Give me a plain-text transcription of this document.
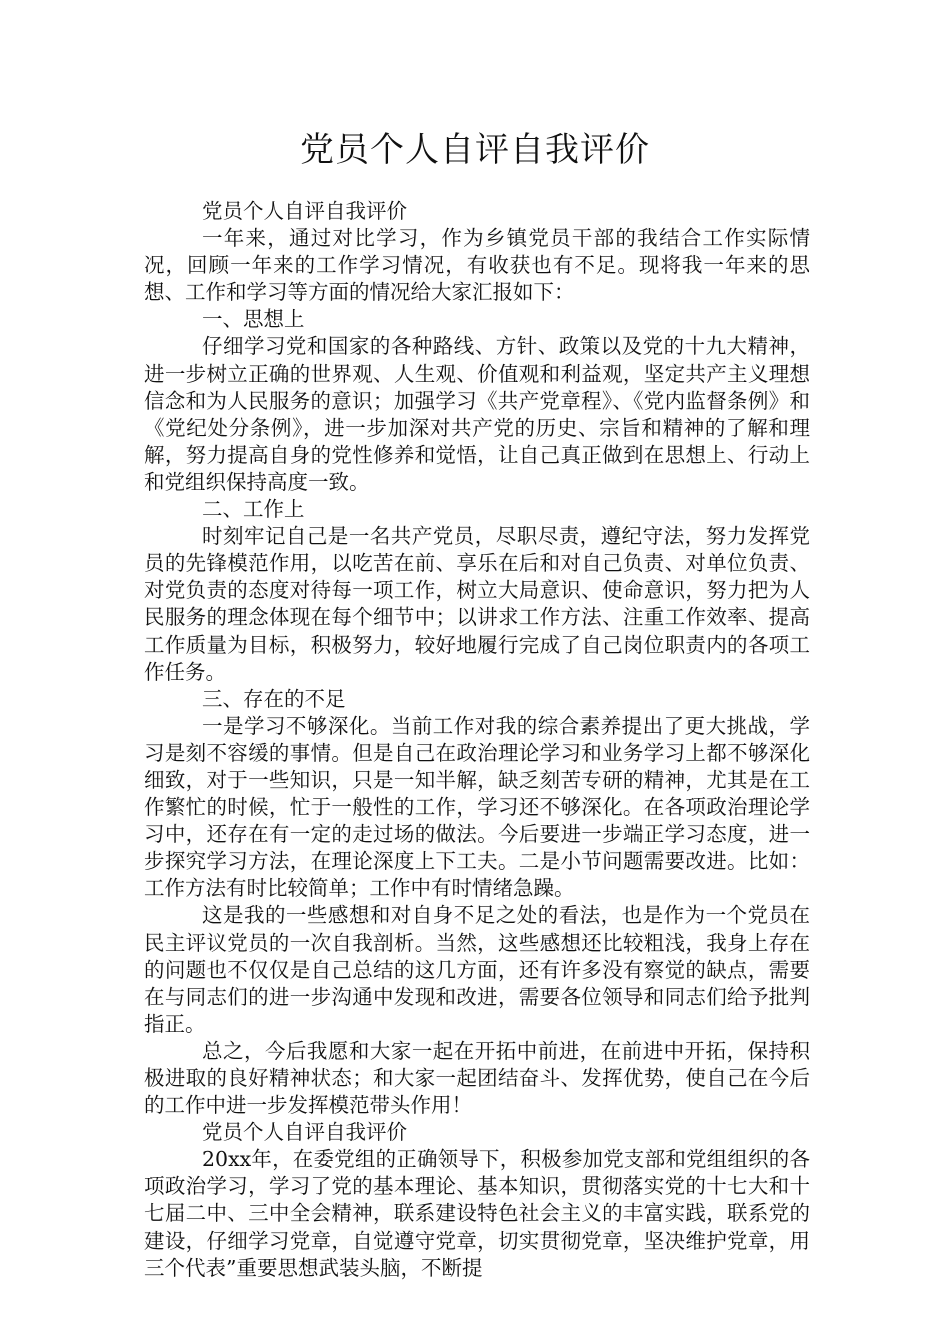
党员个人自评自我评价

党员个人自评自我评价

一年来，通过对比学习，作为乡镇党员干部的我结合工作实际情况，回顾一年来的工作学习情况，有收获也有不足。现将我一年来的思想、工作和学习等方面的情况给大家汇报如下：

一、思想上

仔细学习党和国家的各种路线、方针、政策以及党的十九大精神，进一步树立正确的世界观、人生观、价值观和利益观，坚定共产主义理想信念和为人民服务的意识；加强学习《共产党章程》、《党内监督条例》和《党纪处分条例》，进一步加深对共产党的历史、宗旨和精神的了解和理解，努力提高自身的党性修养和觉悟，让自己真正做到在思想上、行动上和党组织保持高度一致。

二、工作上

时刻牢记自己是一名共产党员，尽职尽责，遵纪守法，努力发挥党员的先锋模范作用，以吃苦在前、享乐在后和对自己负责、对单位负责、对党负责的态度对待每一项工作，树立大局意识、使命意识，努力把为人民服务的理念体现在每个细节中；以讲求工作方法、注重工作效率、提高工作质量为目标，积极努力，较好地履行完成了自己岗位职责内的各项工作任务。

三、存在的不足

一是学习不够深化。当前工作对我的综合素养提出了更大挑战，学习是刻不容缓的事情。但是自己在政治理论学习和业务学习上都不够深化细致，对于一些知识，只是一知半解，缺乏刻苦专研的精神，尤其是在工作繁忙的时候，忙于一般性的工作，学习还不够深化。在各项政治理论学习中，还存在有一定的走过场的做法。今后要进一步端正学习态度，进一步探究学习方法，在理论深度上下工夫。二是小节问题需要改进。比如：工作方法有时比较简单；工作中有时情绪急躁。

这是我的一些感想和对自身不足之处的看法，也是作为一个党员在民主评议党员的一次自我剖析。当然，这些感想还比较粗浅，我身上存在的问题也不仅仅是自己总结的这几方面，还有许多没有察觉的缺点，需要在与同志们的进一步沟通中发现和改进，需要各位领导和同志们给予批判指正。

总之，今后我愿和大家一起在开拓中前进，在前进中开拓，保持积极进取的良好精神状态；和大家一起团结奋斗、发挥优势，使自己在今后的工作中进一步发挥模范带头作用！

党员个人自评自我评价

20xx年，在委党组的正确领导下，积极参加党支部和党组组织的各项政治学习，学习了党的基本理论、基本知识，贯彻落实党的十七大和十七届二中、三中全会精神，联系建设特色社会主义的丰富实践，联系党的建设，仔细学习党章，自觉遵守党章，切实贯彻党章，坚决维护党章，用三个代表”重要思想武装头脑，不断提
